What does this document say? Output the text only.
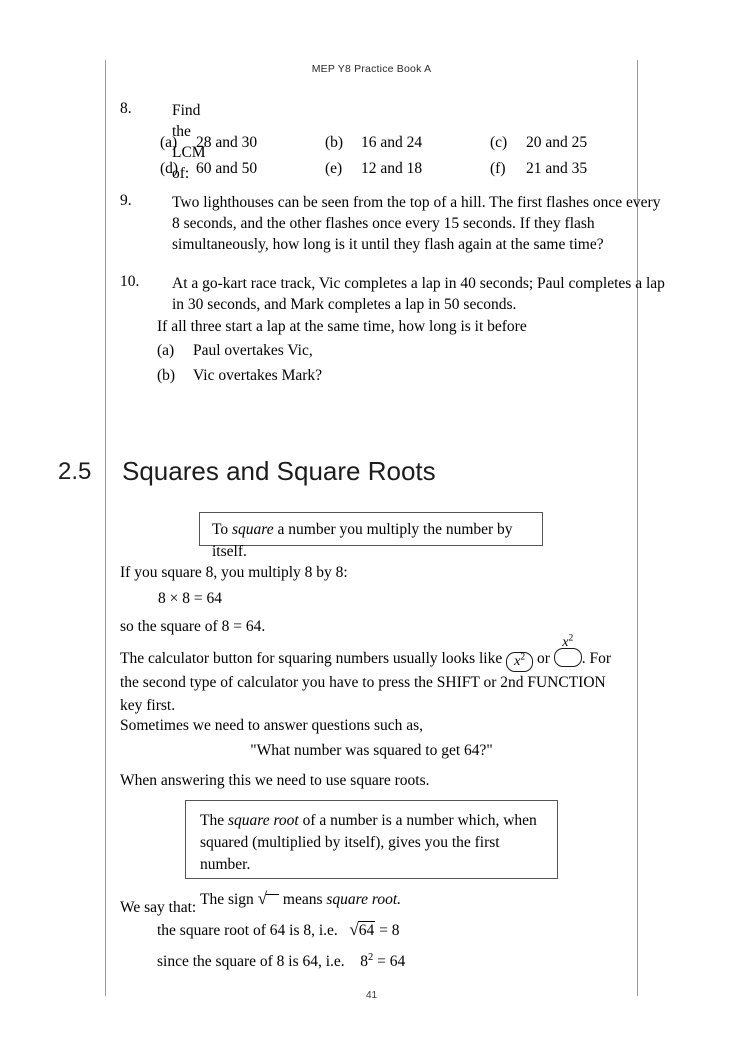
MEP Y8 Practice Book A
8.	Find the LCM of:
(a) 28 and 30	(b) 16 and 24	(c) 20 and 25
(d) 60 and 50	(e) 12 and 18	(f) 21 and 35
9.	Two lighthouses can be seen from the top of a hill. The first flashes once every 8 seconds, and the other flashes once every 15 seconds. If they flash simultaneously, how long is it until they flash again at the same time?
10.	At a go-kart race track, Vic completes a lap in 40 seconds; Paul completes a lap in 30 seconds, and Mark completes a lap in 50 seconds.
If all three start a lap at the same time, how long is it before
(a) Paul overtakes Vic,
(b) Vic overtakes Mark?
2.5 Squares and Square Roots

To square a number you multiply the number by itself.

If you square 8, you multiply 8 by 8:
8 × 8 = 64
so the square of 8 = 64.
The calculator button for squaring numbers usually looks like $x^2$ or
$x^2$
. For the second type of calculator you have to press the SHIFT or 2nd FUNCTION key first.
Sometimes we need to answer questions such as,
"What number was squared to get 64?"
When answering this we need to use square roots.

The square root of a number is a number which, when squared (multiplied by itself), gives you the first number.

The sign √ means square root.

We say that:
the square root of 64 is 8, i.e. √64 = 8
since the square of 8 is 64, i.e. $8^2 = 64$
41
